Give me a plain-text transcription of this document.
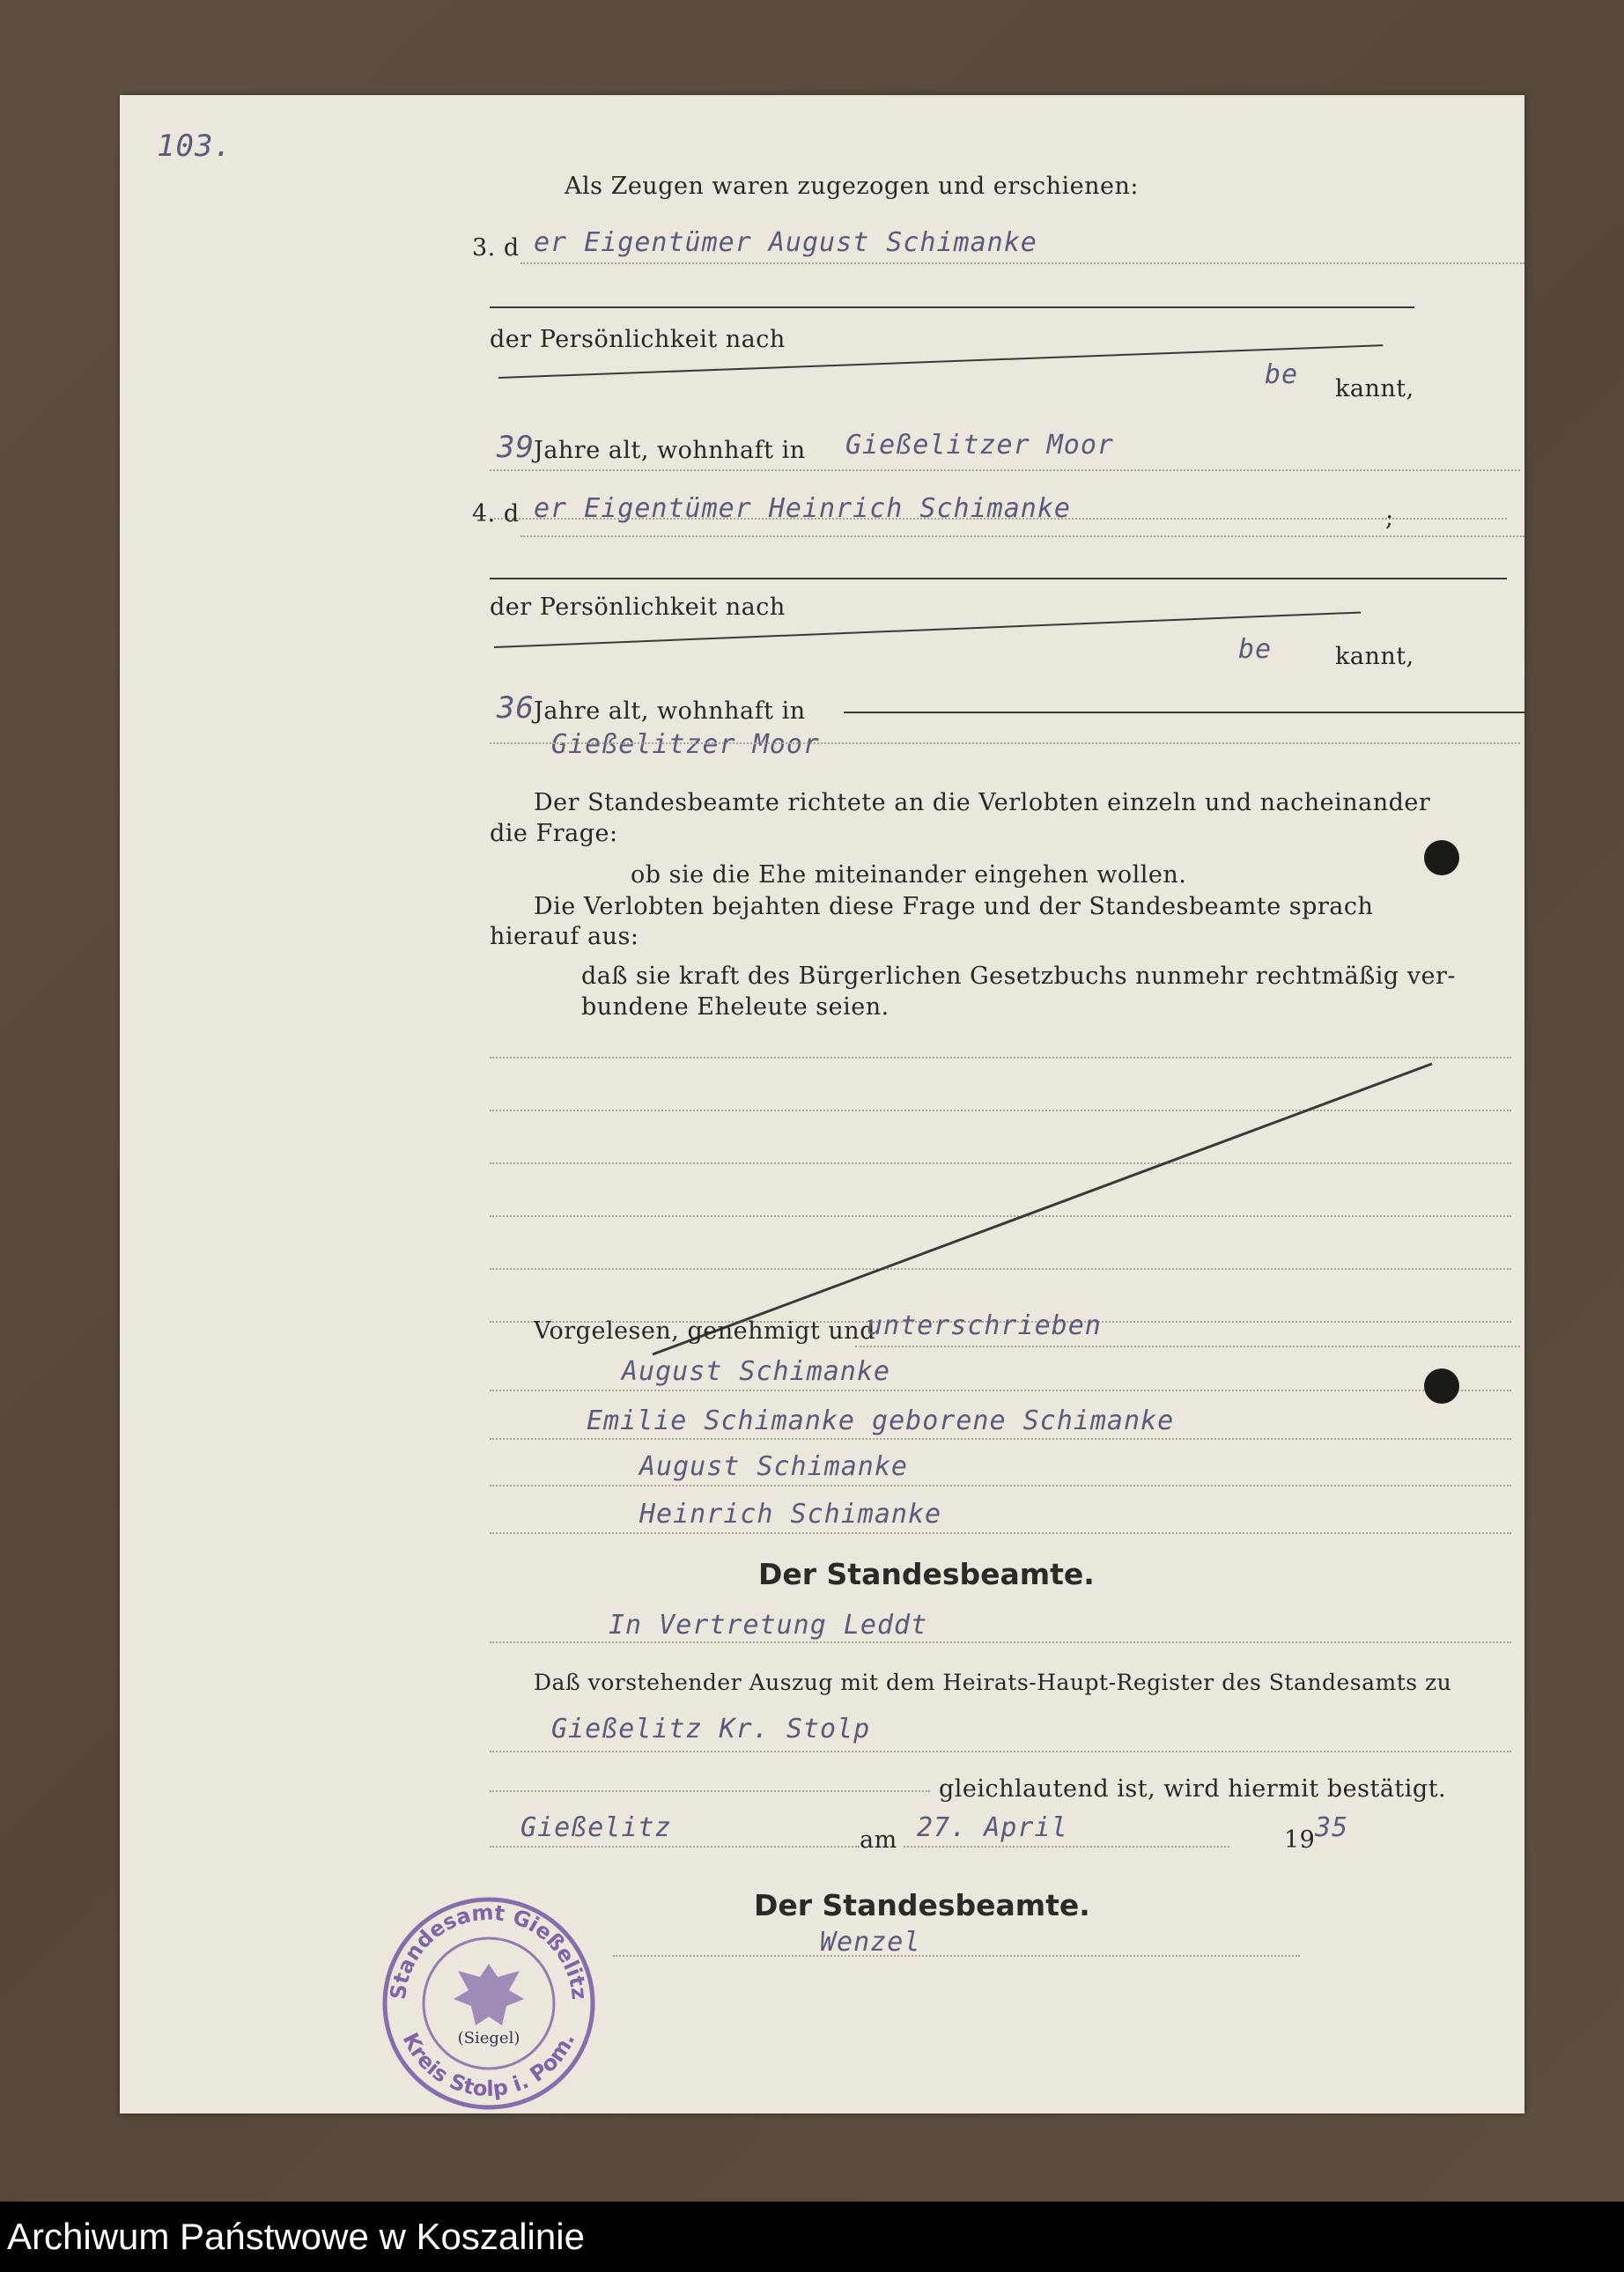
103.
Als Zeugen waren zugezogen und erschienen:
3. d er Eigentümer August Schimanke
der Persönlichkeit nach
be kannt,
39 Jahre alt, wohnhaft in Gießelitzer Moor
;
4. d er Eigentümer Heinrich Schimanke
der Persönlichkeit nach
be	kannt,
36 Jahre alt, wohnhaft in
Gießelitzer Moor
Der Standesbeamte richtete an die Verlobten einzeln und nacheinander
die Frage:
ob sie die Ehe miteinander eingehen wollen.
Die Verlobten bejahten diese Frage und der Standesbeamte sprach
hierauf aus:
daß sie kraft des Bürgerlichen Gesetzbuchs nunmehr rechtmäßig ver-
bundene Eheleute seien.
Vorgelesen, genehmigt und
unterschrieben
August Schimanke
Emilie Schimanke geborene Schimanke
August Schimanke
Heinrich Schimanke
Der Standesbeamte.
In Vertretung Leddt
Daß vorstehender Auszug mit dem Heirats-Haupt-Register des Standesamts zu
Gießelitz Kr. Stolp
gleichlautend ist, wird hiermit bestätigt.
Gießelitz	am 27. April	19 35
Der Standesbeamte.
Wenzel
Standesamt Gießelitz
Kreis Stolp i. Pom.
(Siegel)
Archiwum Państwowe w Koszalinie
